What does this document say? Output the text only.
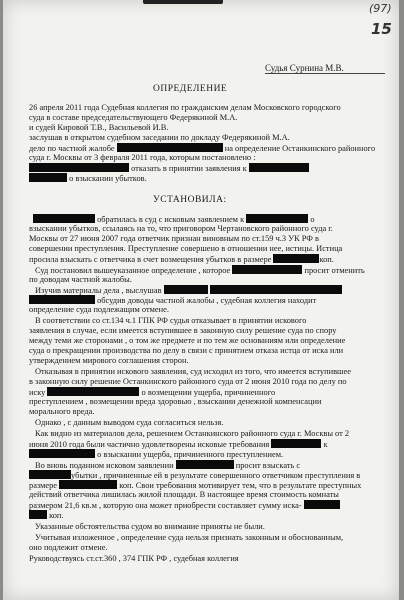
(97)
15
Судья Сурнина М.В.
ОПРЕДЕЛЕНИЕ
26 апреля 2011 года Судебная коллегия по гражданским делам Московского городского
суда в составе председательствующего Федерякиной М.А.
и судей Кировой Т.В., Васильевой И.В.
заслушав в открытом судебном заседании по докладу Федерякиной М.А.
дело по частной жалобе	на определение Останкинского районного
суда г. Москвы от 3 февраля 2011 года, которым постановлено :
отказать в принятии заявления к
о взыскании убытков.
УСТАНОВИЛА:
обратилась в суд с исковым заявлением к	о
взыскании убытков, ссылаясь на то, что приговором Чертановского районного суда г.
Москвы от 27 июня 2007 года ответчик признан виновным по ст.159 ч.3 УК РФ в
совершении преступления. Преступление совершено в отношении нее, истицы. Истица
просила взыскать с ответчика в счет возмещения убытков в размере	коп.
Суд постановил вышеуказанное определение , которое	просит отменить
по доводам частной жалобы.
Изучив материалы дела , выслушав
обсудив доводы частной жалобы , судебная коллегия находит
определение суда подлежащим отмене.
В соответствии со ст.134 ч.1 ГПК РФ судья отказывает в принятии искового
заявления в случае, если имеется вступившее в законную силу решение суда по спору
между теми же сторонами , о том же предмете и по тем же основаниям или определение
суда о прекращении производства по делу в связи с принятием отказа истца от иска или
утверждением мирового соглашения сторон.
Отказывая в принятии искового заявления, суд исходил из того, что имеется вступившее
в законную силу решение Останкинского районного суда от 2 июня 2010 года по делу по
иску	о возмещении ущерба, причиненного
преступлением , возмещении вреда здоровью , взыскании денежной компенсации
морального вреда.
Однако , с данным выводом суда согласиться нельзя.
Как видно из материалов дела, решением Останкинского районного суда г. Москвы от 2
июня 2010 года были частично удовлетворены исковые требования	к
о взыскании ущерба, причиненного преступлением.
Во вновь поданном исковом заявлении	просит взыскать с
убытки , причиненные ей в результате совершенного ответчиком преступления в
размере	коп. Свои требования мотивирует тем, что в результате преступных
действий ответчика лишилась жилой площади. В настоящее время стоимость комнаты
размером 21,6 кв.м , которую она может приобрести составляет сумму иска-
коп.
Указанные обстоятельства судом во внимание приняты не были.
Учитывая изложенное , определение суда нельзя признать законным и обоснованным,
оно подлежит отмене.
Руководствуясь ст.ст.360 , 374 ГПК РФ , судебная коллегия
